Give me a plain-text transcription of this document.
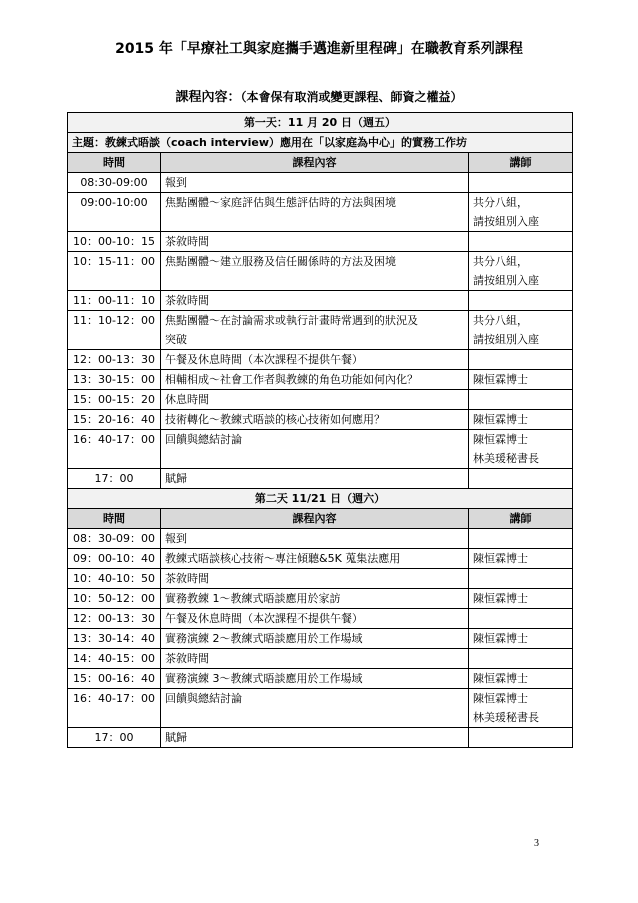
2015 年「早療社工與家庭攜手邁進新里程碑」在職教育系列課程
課程內容：（本會保有取消或變更課程、師資之權益）
第一天：11 月 20 日（週五）		
主題：教練式晤談（coach interview）應用在「以家庭為中心」的實務工作坊		
時間	課程內容	講師
08:30-09:00	報到	
09:00-10:00	焦點團體～家庭評估與生態評估時的方法與困境	共分八組，
請按組別入座
10：00-10：15	茶敘時間	
10：15-11：00	焦點團體～建立服務及信任關係時的方法及困境	共分八組，
請按組別入座
11：00-11：10	茶敘時間	
11：10-12：00	焦點團體～在討論需求或執行計畫時常遇到的狀況及
突破	共分八組，
請按組別入座
12：00-13：30	午餐及休息時間（本次課程不提供午餐）	
13：30-15：00	相輔相成～社會工作者與教練的角色功能如何內化？	陳恒霖博士
15：00-15：20	休息時間	
15：20-16：40	技術轉化～教練式晤談的核心技術如何應用？	陳恒霖博士
16：40-17：00	回饋與總結討論	陳恒霖博士
林美瑗秘書長
17：00	賦歸	
第二天 11/21 日（週六）		
時間	課程內容	講師
08：30-09：00	報到	
09：00-10：40	教練式晤談核心技術～專注傾聽&5K 蒐集法應用	陳恒霖博士
10：40-10：50	茶敘時間	
10：50-12：00	實務教練 1～教練式晤談應用於家訪	陳恒霖博士
12：00-13：30	午餐及休息時間（本次課程不提供午餐）	
13：30-14：40	實務演練 2～教練式晤談應用於工作場域	陳恒霖博士
14：40-15：00	茶敘時間	
15：00-16：40	實務演練 3～教練式晤談應用於工作場域	陳恒霖博士
16：40-17：00	回饋與總結討論	陳恒霖博士
林美瑗秘書長
17：00	賦歸	
3
